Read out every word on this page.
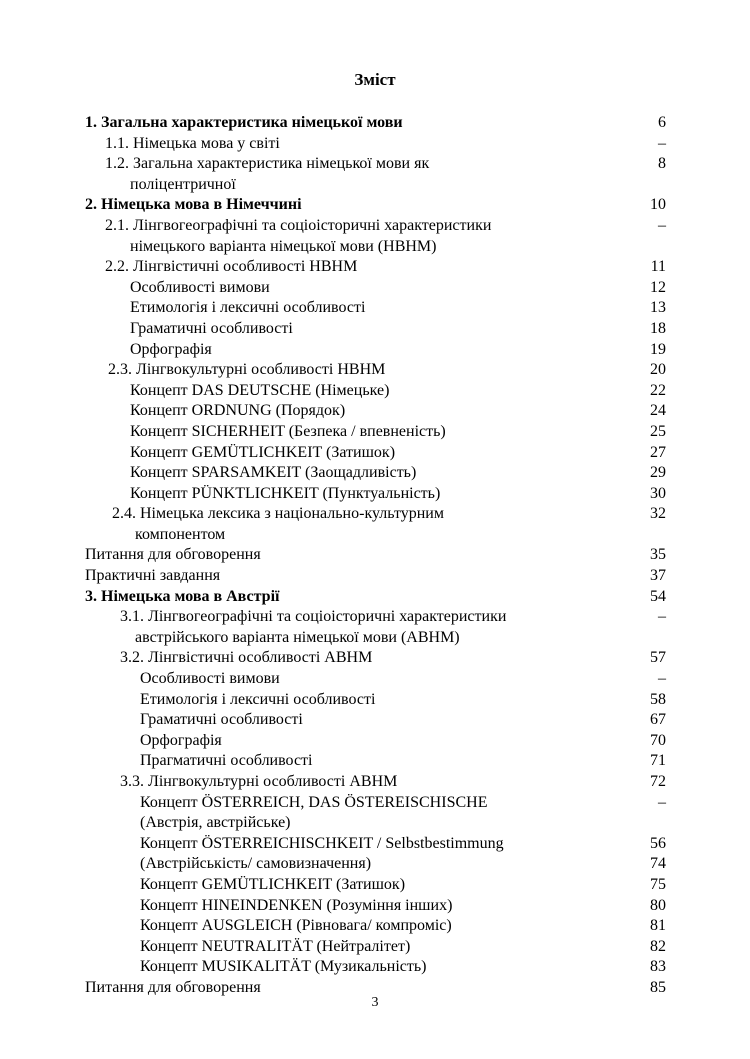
Зміст
1. Загальна характеристика німецької мови	6
1.1. Німецька мова у світі	–
1.2. Загальна характеристика німецької мови як	8
поліцентричної
2. Німецька мова в Німеччині	10
2.1. Лінгвогеографічні та соціоісторичні характеристики	–
німецького варіанта німецької мови (НВНМ)
2.2. Лінгвістичні особливості НВНМ	11
Особливості вимови	12
Етимологія і лексичні особливості	13
Граматичні особливості	18
Орфографія	19
2.3. Лінгвокультурні особливості НВНМ	20
Концепт DAS DEUTSCHE (Німецьке)	22
Концепт ORDNUNG (Порядок)	24
Концепт SICHERHEIT (Безпека / впевненість)	25
Концепт GEMÜTLICHKEIT (Затишок)	27
Концепт SPARSAMKEIT (Заощадливість)	29
Концепт PÜNKTLICHKEIT (Пунктуальність)	30
2.4. Німецька лексика з національно-культурним	32
компонентом
Питання для обговорення	35
Практичні завдання	37
3. Німецька мова в Австрії	54
3.1. Лінгвогеографічні та соціоісторичні характеристики	–
австрійського варіанта німецької мови (АВНМ)
3.2. Лінгвістичні особливості АВНМ	57
Особливості вимови	–
Етимологія і лексичні особливості	58
Граматичні особливості	67
Орфографія	70
Прагматичні особливості	71
3.3. Лінгвокультурні особливості АВНМ	72
Концепт ÖSTERREICH, DAS ÖSTEREISCHISCHE	–
(Австрія, австрійське)
Концепт ÖSTERREICHISCHKEIT / Selbstbestimmung	56
(Австрійськість/ самовизначення)	74
Концепт GEMÜTLICHKEIT (Затишок)	75
Концепт HINEINDENKEN (Розуміння інших)	80
Концепт AUSGLEICH (Рівновага/ компроміс)	81
Концепт NEUTRALITÄT (Нейтралітет)	82
Концепт MUSIKALITÄT (Музикальність)	83
Питання для обговорення	85
3
